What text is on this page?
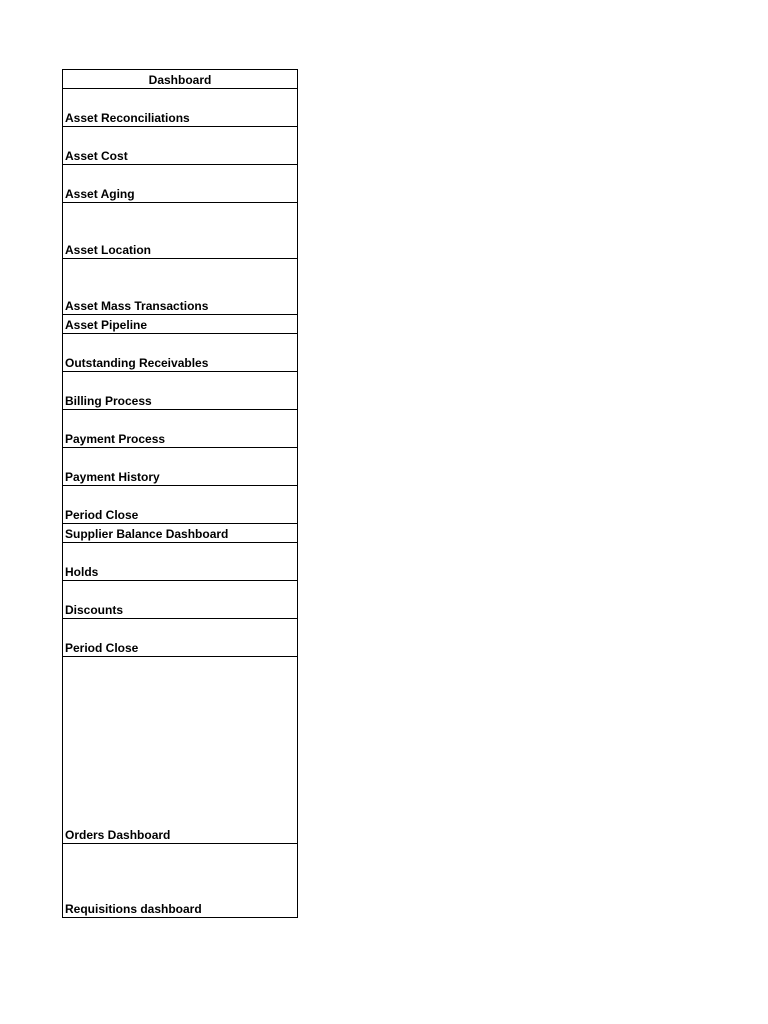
Dashboard
Asset Reconciliations
Asset Cost
Asset Aging
Asset Location
Asset Mass Transactions
Asset Pipeline
Outstanding Receivables
Billing Process
Payment Process
Payment History
Period Close
Supplier Balance Dashboard
Holds
Discounts
Period Close
Orders Dashboard
Requisitions dashboard
